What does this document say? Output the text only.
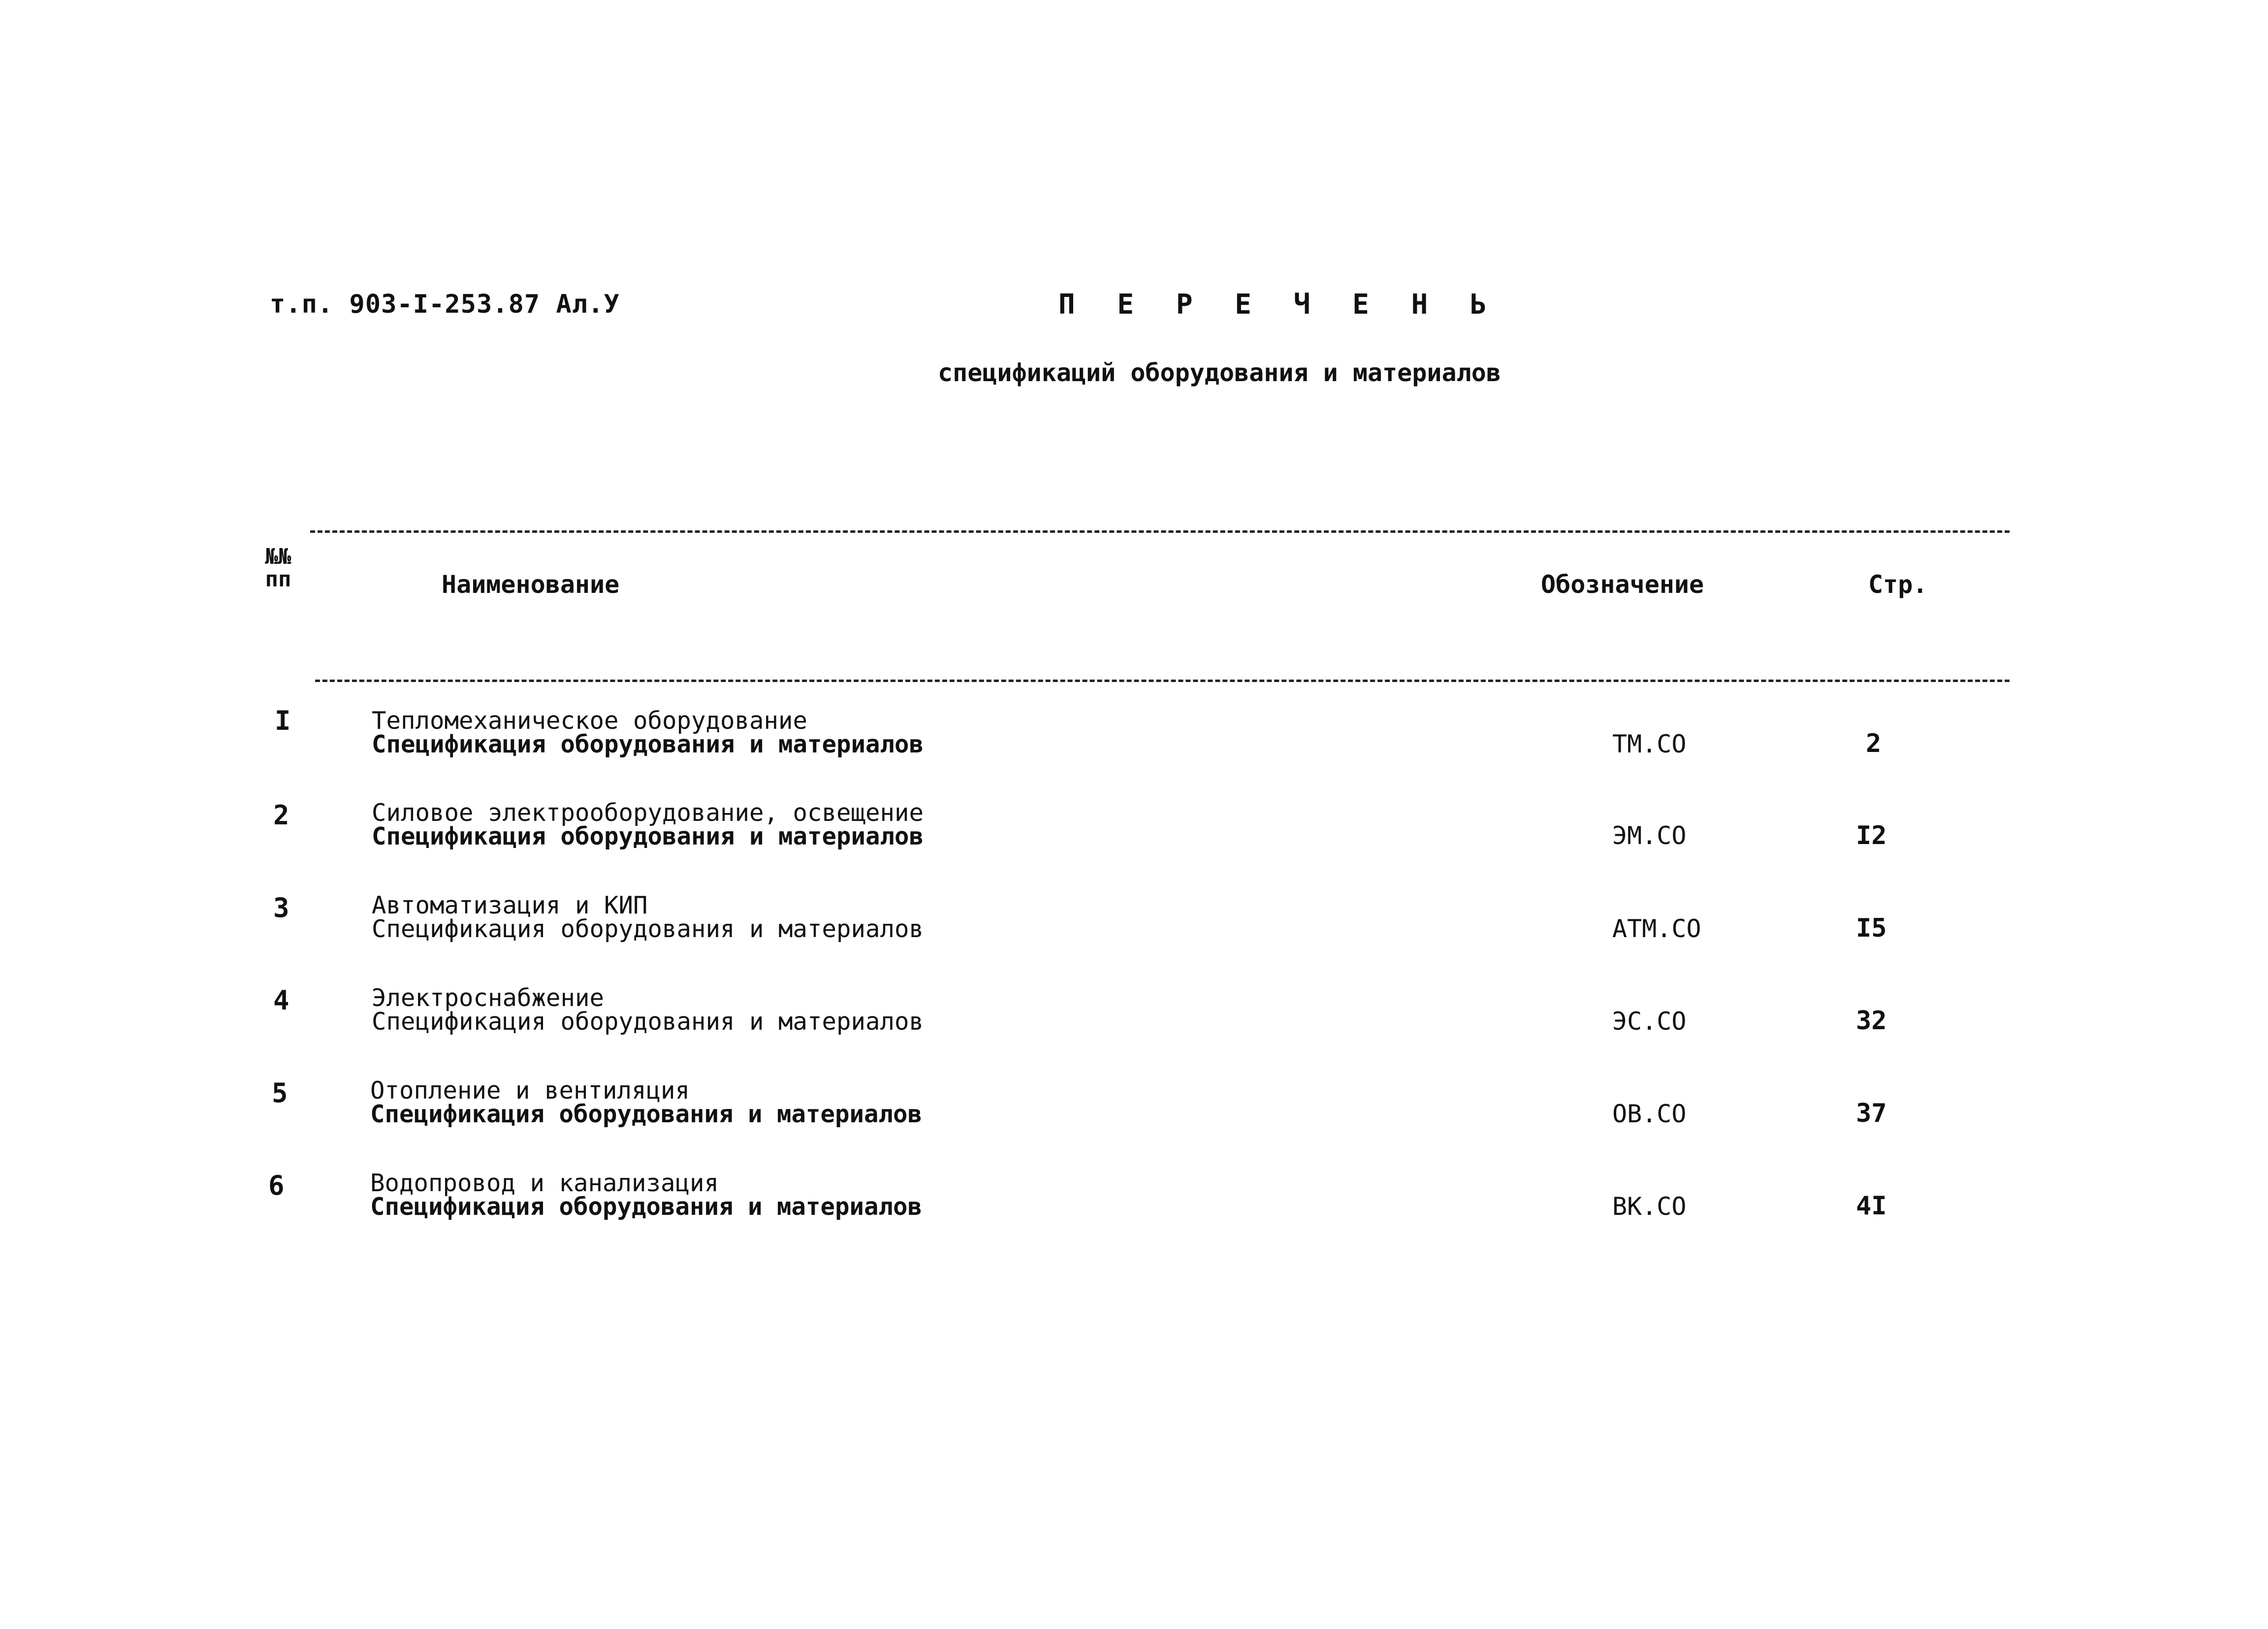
т.п. 903-I-253.87 Ал.У	П Е Р Е Ч Е Н Ь
спецификаций оборудования и материалов
№№ пп	Наименование	Обозначение	Стр.
I	Тепломеханическое оборудование
Спецификация оборудования и материалов	ТМ.СО	2
2	Силовое электрооборудование, освещение
Спецификация оборудования и материалов	ЭМ.СО	I2
3	Автоматизация и КИП
Спецификация оборудования и материалов	АТМ.СО	I5
4	Электроснабжение
Спецификация оборудования и материалов	ЭС.СО	32
5	Отопление и вентиляция
Спецификация оборудования и материалов	ОВ.СО	37
6	Водопровод и канализация
Спецификация оборудования и материалов	ВК.СО	4I
